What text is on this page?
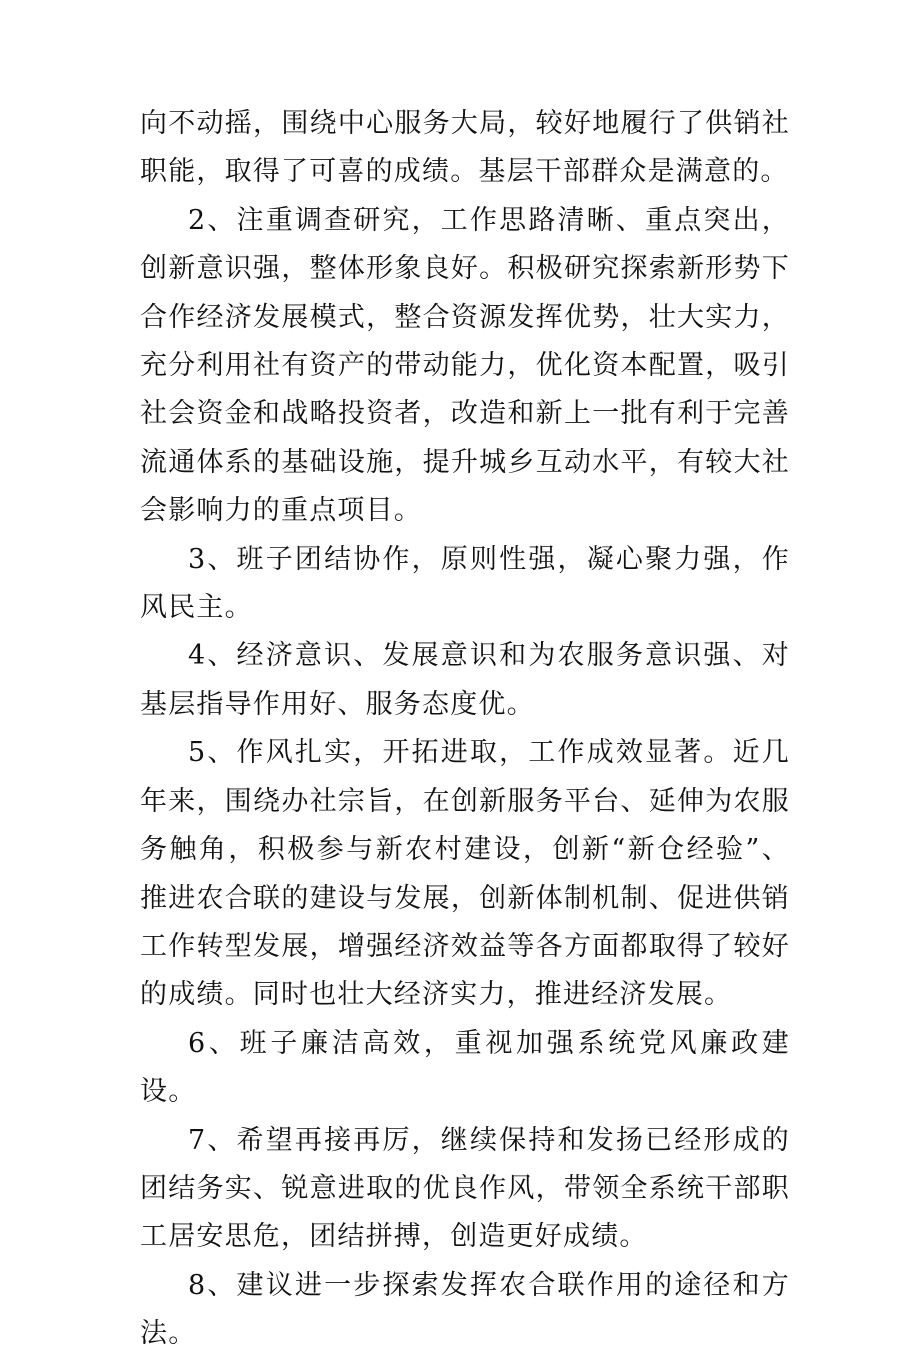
向不动摇，围绕中心服务大局，较好地履行了供销社职能，取得了可喜的成绩。基层干部群众是满意的。

2、注重调查研究，工作思路清晰、重点突出，创新意识强，整体形象良好。积极研究探索新形势下合作经济发展模式，整合资源发挥优势，壮大实力，充分利用社有资产的带动能力，优化资本配置，吸引社会资金和战略投资者，改造和新上一批有利于完善流通体系的基础设施，提升城乡互动水平，有较大社会影响力的重点项目。

3、班子团结协作，原则性强，凝心聚力强，作风民主。

4、经济意识、发展意识和为农服务意识强、对基层指导作用好、服务态度优。

5、作风扎实，开拓进取，工作成效显著。近几年来，围绕办社宗旨，在创新服务平台、延伸为农服务触角，积极参与新农村建设，创新“新仓经验”、推进农合联的建设与发展，创新体制机制、促进供销工作转型发展，增强经济效益等各方面都取得了较好的成绩。同时也壮大经济实力，推进经济发展。

6、班子廉洁高效，重视加强系统党风廉政建设。

7、希望再接再厉，继续保持和发扬已经形成的团结务实、锐意进取的优良作风，带领全系统干部职工居安思危，团结拼搏，创造更好成绩。

8、建议进一步探索发挥农合联作用的途径和方法。
